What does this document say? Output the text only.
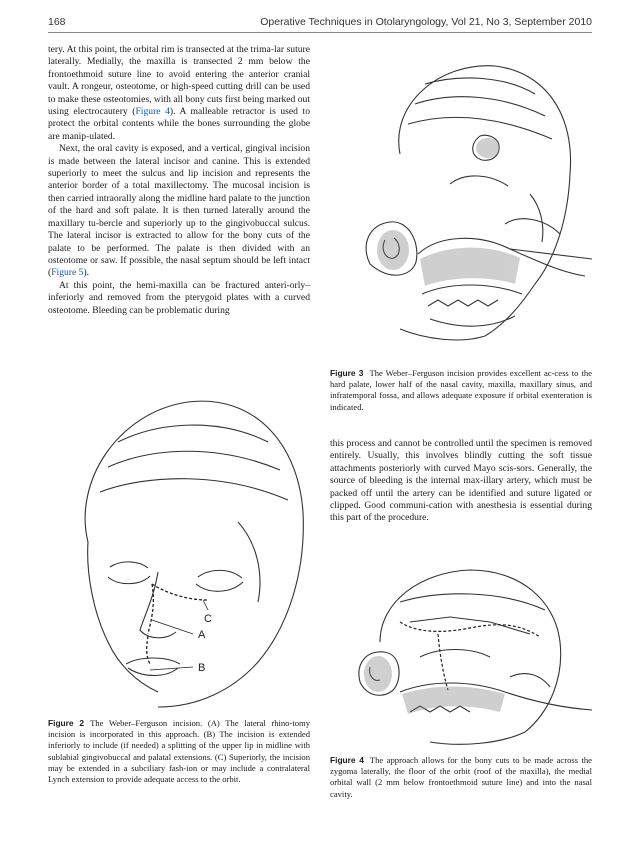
168	Operative Techniques in Otolaryngology, Vol 21, No 3, September 2010

tery. At this point, the orbital rim is transected at the trima-lar suture laterally. Medially, the maxilla is transected 2 mm below the frontoethmoid suture line to avoid entering the anterior cranial vault. A rongeur, osteotome, or high-speed cutting drill can be used to make these osteotomies, with all bony cuts first being marked out using electrocautery (Figure 4). A malleable retractor is used to protect the orbital contents while the bones surrounding the globe are manip-ulated.

Next, the oral cavity is exposed, and a vertical, gingival incision is made between the lateral incisor and canine. This is extended superiorly to meet the sulcus and lip incision and represents the anterior border of a total maxillectomy. The mucosal incision is then carried intraorally along the midline hard palate to the junction of the hard and soft palate. It is then turned laterally around the maxillary tu-bercle and superiorly up to the gingivobuccal sulcus. The lateral incisor is extracted to allow for the bony cuts of the palate to be performed. The palate is then divided with an osteotome or saw. If possible, the nasal septum should be left intact (Figure 5).

At this point, the hemi-maxilla can be fractured anteri-orly–inferiorly and removed from the pterygoid plates with a curved osteotome. Bleeding can be problematic during

this process and cannot be controlled until the specimen is removed entirely. Usually, this involves blindly cutting the soft tissue attachments posteriorly with curved Mayo scis-sors. Generally, the source of bleeding is the internal max-illary artery, which must be packed off until the artery can be identified and suture ligated or clipped. Good communi-cation with anesthesia is essential during this part of the procedure.

Figure 3 The Weber–Ferguson incision provides excellent ac-cess to the hard palate, lower half of the nasal cavity, maxilla, maxillary sinus, and infratemporal fossa, and allows adequate exposure if orbital exenteration is indicated.
A
B
C
Figure 2 The Weber–Ferguson incision. (A) The lateral rhino-tomy incision is incorporated in this approach. (B) The incision is extended inferiorly to include (if needed) a splitting of the upper lip in midline with sublabial gingivobuccal and palatal extensions. (C) Superiorly, the incision may be extended in a subciliary fash-ion or may include a contralateral Lynch extension to provide adequate access to the orbit.
Figure 4 The approach allows for the bony cuts to be made across the zygoma laterally, the floor of the orbit (roof of the maxilla), the medial orbital wall (2 mm below frontoethmoid suture line) and into the nasal cavity.
